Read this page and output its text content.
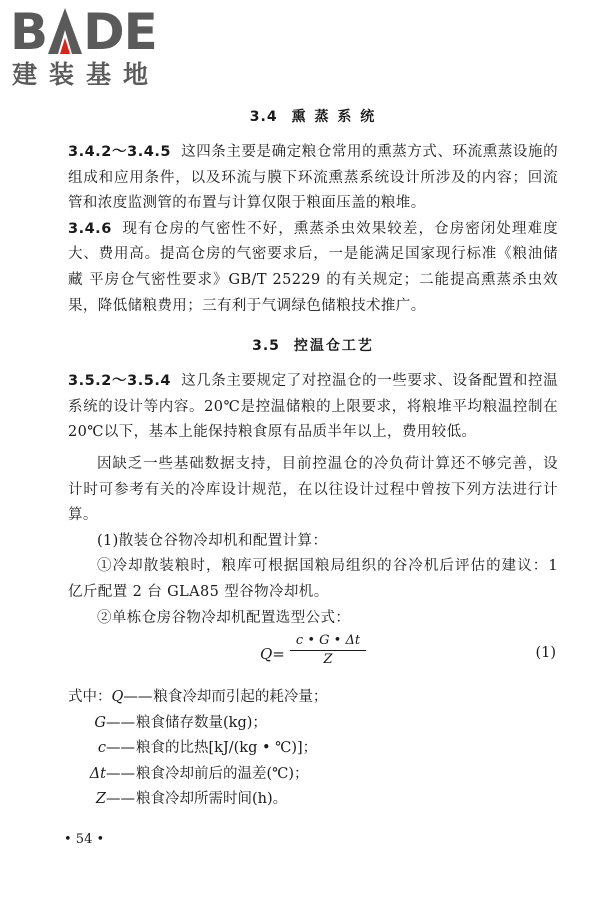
B D E
建装基地
3.4 熏 蒸 系 统

3.4.2～3.4.5 这四条主要是确定粮仓常用的熏蒸方式、环流熏蒸设施的组成和应用条件，以及环流与膜下环流熏蒸系统设计所涉及的内容；回流管和浓度监测管的布置与计算仅限于粮面压盖的粮堆。

3.4.6 现有仓房的气密性不好，熏蒸杀虫效果较差，仓房密闭处理难度大、费用高。提高仓房的气密要求后，一是能满足国家现行标准《粮油储藏 平房仓气密性要求》GB/T 25229 的有关规定；二能提高熏蒸杀虫效果，降低储粮费用；三有利于气调绿色储粮技术推广。

3.5 控温仓工艺

3.5.2～3.5.4 这几条主要规定了对控温仓的一些要求、设备配置和控温系统的设计等内容。20℃是控温储粮的上限要求，将粮堆平均粮温控制在 20℃以下，基本上能保持粮食原有品质半年以上，费用较低。

因缺乏一些基础数据支持，目前控温仓的冷负荷计算还不够完善，设计时可参考有关的冷库设计规范，在以往设计过程中曾按下列方法进行计算。

(1)散装仓谷物冷却机和配置计算：

①冷却散装粮时，粮库可根据国粮局组织的谷冷机后评估的建议：1 亿斤配置 2 台 GLA85 型谷物冷却机。

②单栋仓房谷物冷却机配置选型公式：

$Q= \frac{c • G • \Delta t}{Z}$	(1)
式中： Q —— 粮食冷却而引起的耗冷量；
G —— 粮食储存数量(kg)；
c —— 粮食的比热[kJ/(kg • ℃)]；
Δt —— 粮食冷却前后的温差(℃)；
Z —— 粮食冷却所需时间(h)。
• 54 •
